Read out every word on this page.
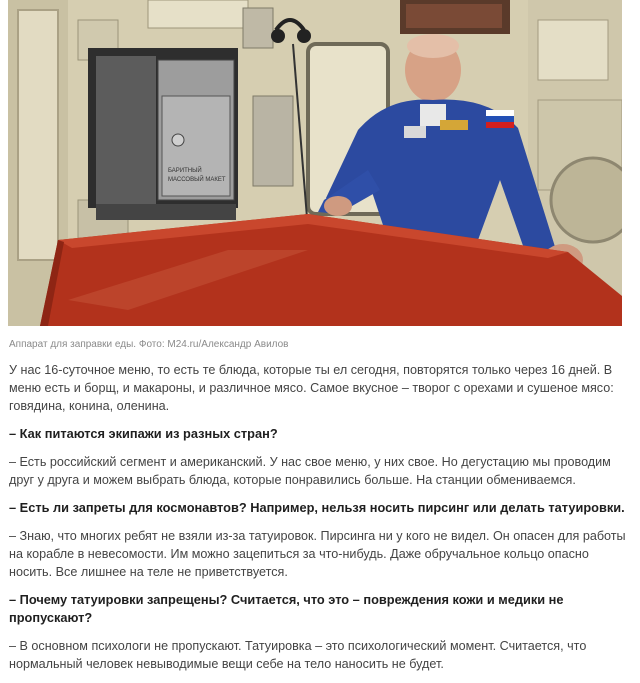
БАРИТНЫЙ
МАССОВЫЙ МАКЕТ
Аппарат для заправки еды. Фото: M24.ru/Александр Авилов

У нас 16-суточное меню, то есть те блюда, которые ты ел сегодня, повторятся только через 16 дней. В меню есть и борщ, и макароны, и различное мясо. Самое вкусное – творог с орехами и сушеное мясо: говядина, конина, оленина.

– Как питаются экипажи из разных стран?

– Есть российский сегмент и американский. У нас свое меню, у них свое. Но дегустацию мы проводим друг у друга и можем выбрать блюда, которые понравились больше. На станции обмениваемся.

– Есть ли запреты для космонавтов? Например, нельзя носить пирсинг или делать татуировки.

– Знаю, что многих ребят не взяли из-за татуировок. Пирсинга ни у кого не видел. Он опасен для работы на корабле в невесомости. Им можно зацепиться за что-нибудь. Даже обручальное кольцо опасно носить. Все лишнее на теле не приветствуется.

– Почему татуировки запрещены? Считается, что это – повреждения кожи и медики не пропускают?

– В основном психологи не пропускают. Татуировка – это психологический момент. Считается, что нормальный человек невыводимые вещи себе на тело наносить не будет.
